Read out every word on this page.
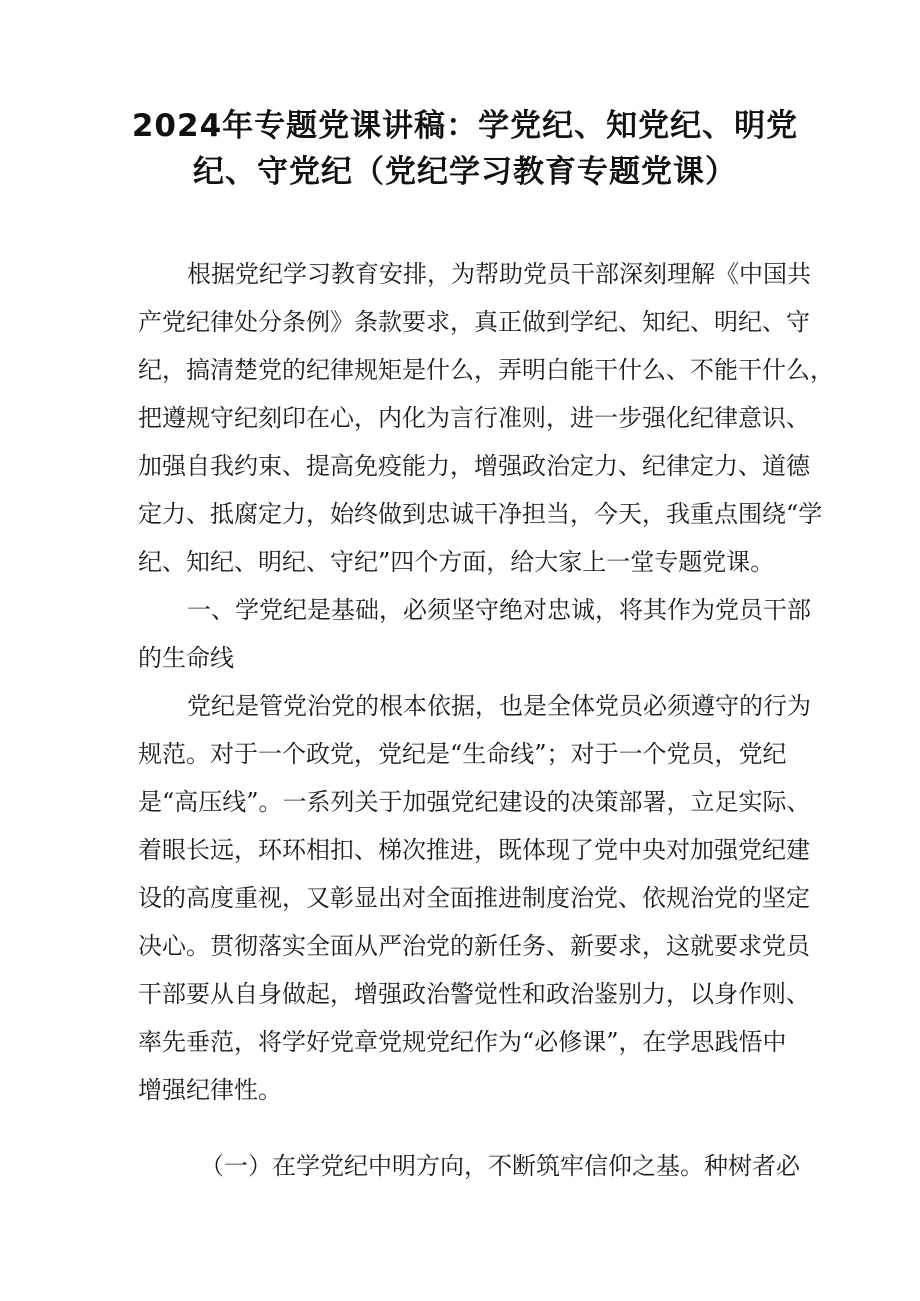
2024年专题党课讲稿：学党纪、知党纪、明党纪、守党纪（党纪学习教育专题党课）

根据党纪学习教育安排，为帮助党员干部深刻理解《中国共

产党纪律处分条例》条款要求，真正做到学纪、知纪、明纪、守

纪，搞清楚党的纪律规矩是什么，弄明白能干什么、不能干什么，

把遵规守纪刻印在心，内化为言行准则，进一步强化纪律意识、

加强自我约束、提高免疫能力，增强政治定力、纪律定力、道德

定力、抵腐定力，始终做到忠诚干净担当，今天，我重点围绕“学

纪、知纪、明纪、守纪”四个方面，给大家上一堂专题党课。

一、学党纪是基础，必须坚守绝对忠诚，将其作为党员干部

的生命线

党纪是管党治党的根本依据，也是全体党员必须遵守的行为

规范。对于一个政党，党纪是“生命线”；对于一个党员，党纪

是“高压线”。一系列关于加强党纪建设的决策部署，立足实际、

着眼长远，环环相扣、梯次推进，既体现了党中央对加强党纪建

设的高度重视，又彰显出对全面推进制度治党、依规治党的坚定

决心。贯彻落实全面从严治党的新任务、新要求，这就要求党员

干部要从自身做起，增强政治警觉性和政治鉴别力，以身作则、

率先垂范，将学好党章党规党纪作为“必修课”，在学思践悟中

增强纪律性。

（一）在学党纪中明方向，不断筑牢信仰之基。种树者必
